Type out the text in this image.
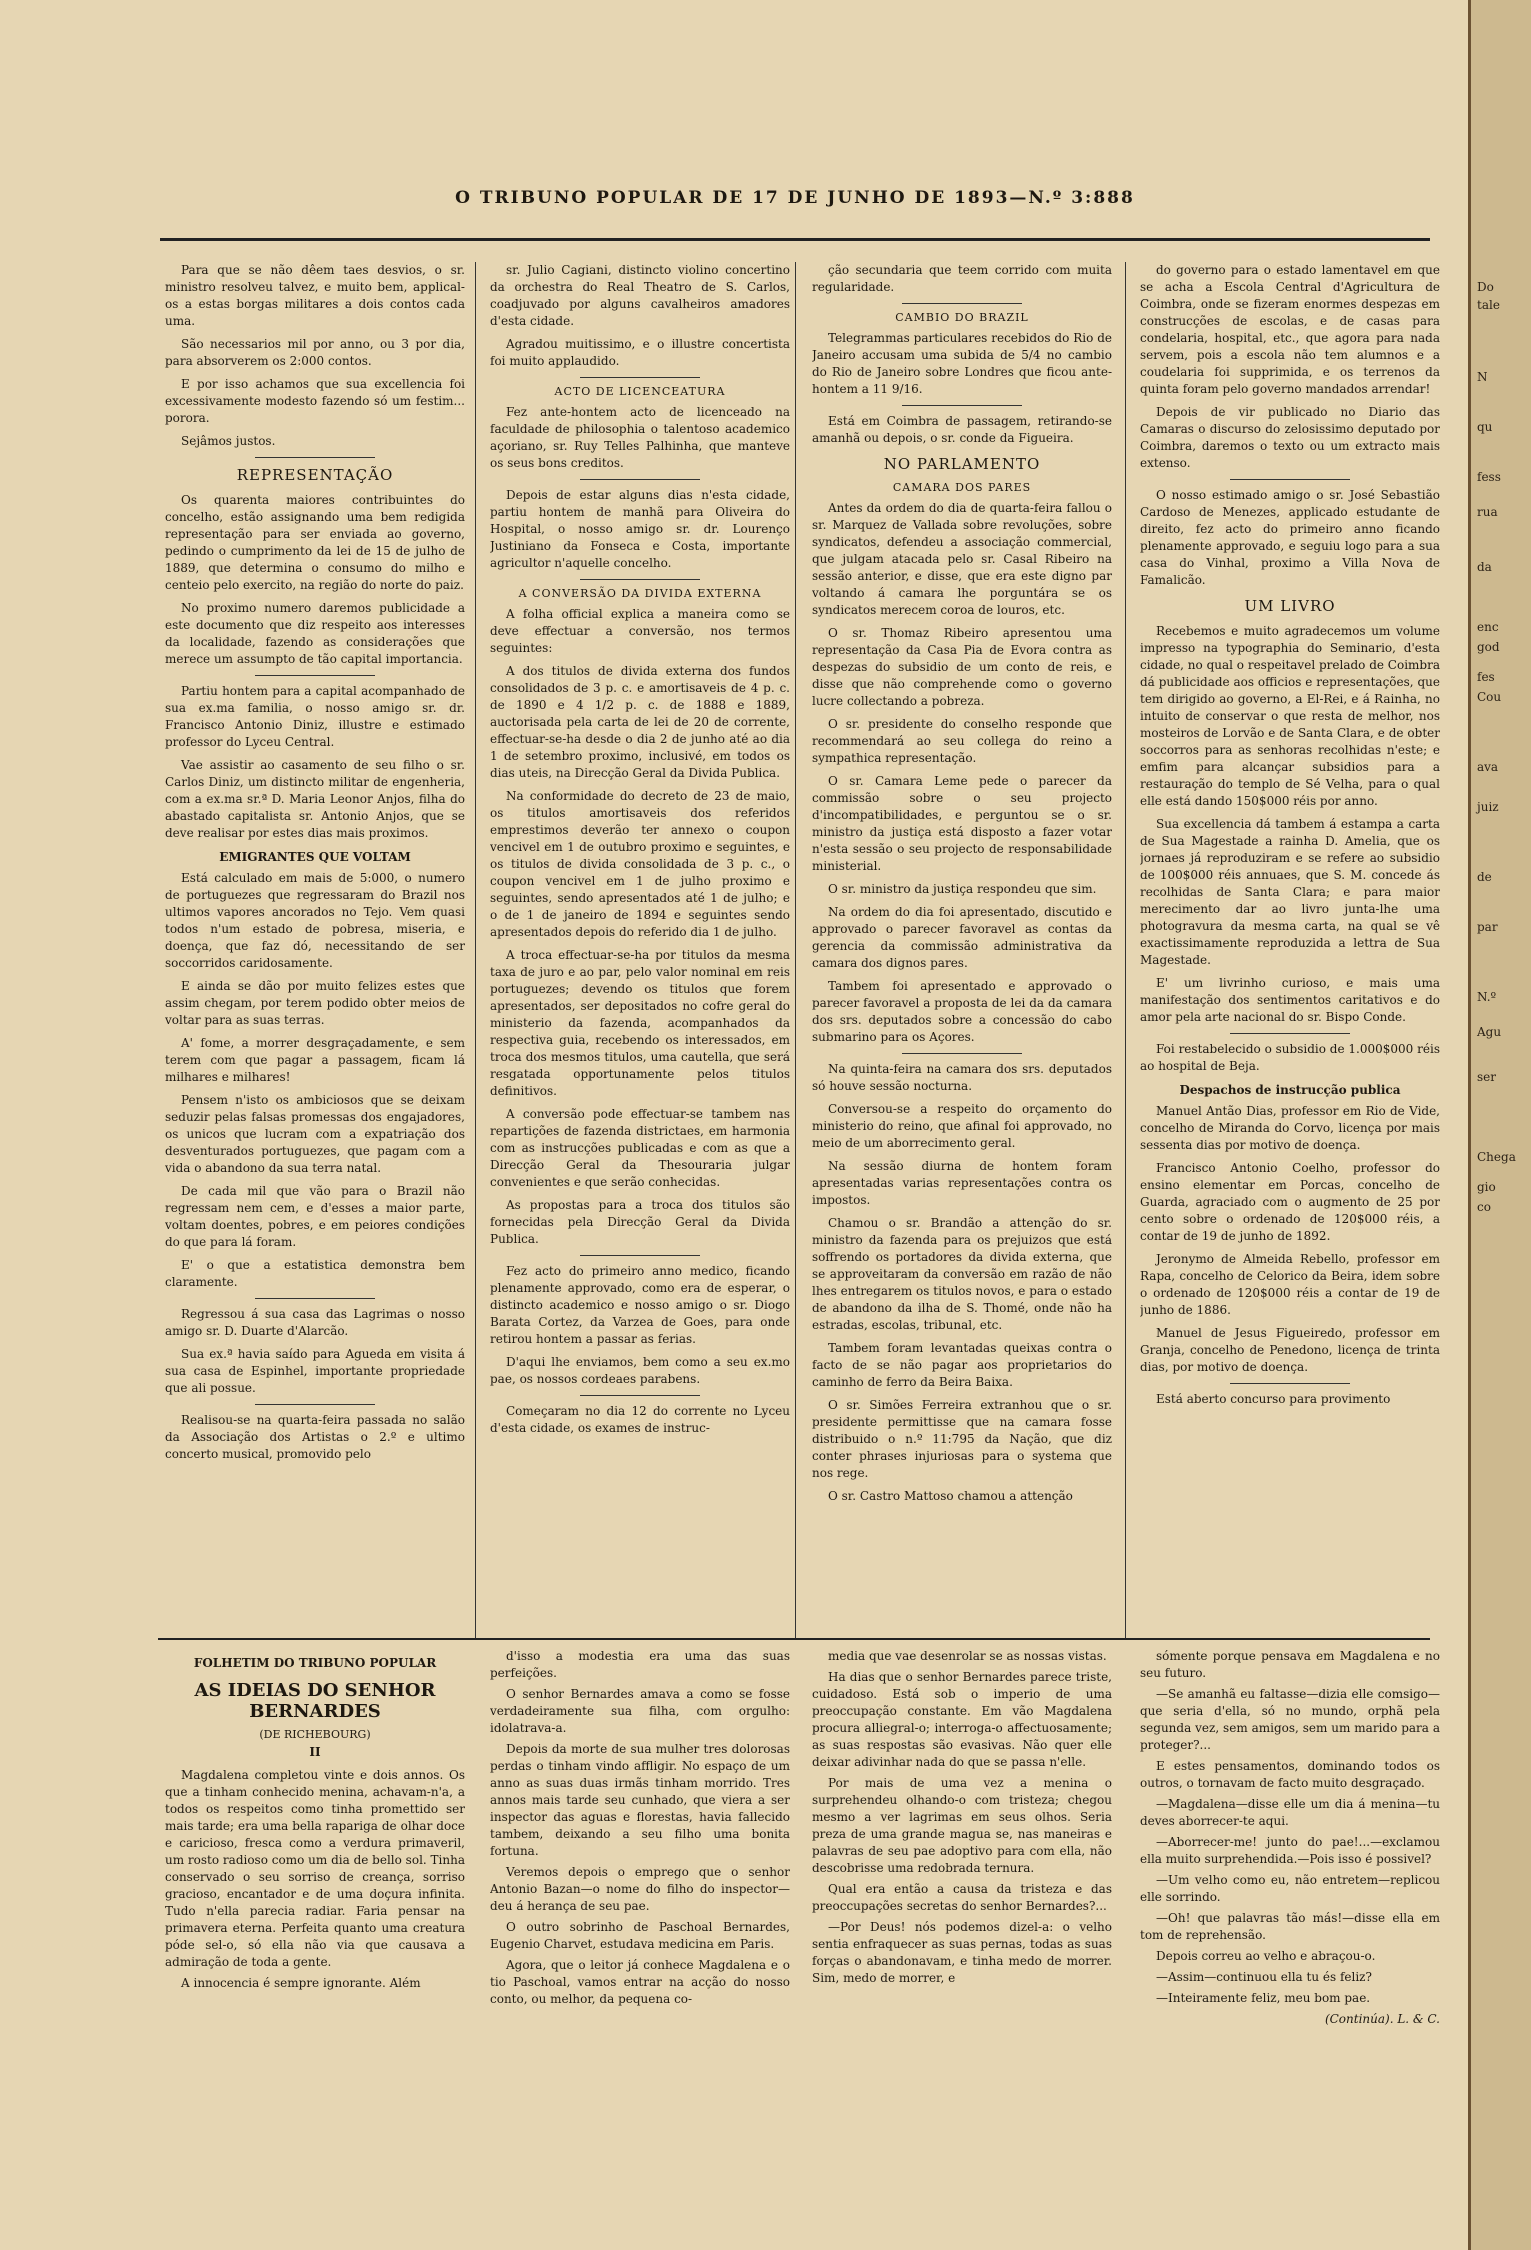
O TRIBUNO POPULAR DE 17 DE JUNHO DE 1893—N.º 3:888

Para que se não dêem taes desvios, o sr. ministro resolveu talvez, e muito bem, applical-os a estas borgas militares a dois contos cada uma.

São necessarios mil por anno, ou 3 por dia, para absorverem os 2:000 contos.

E por isso achamos que sua excellencia foi excessivamente modesto fazendo só um festim... porora.

Sejâmos justos.

REPRESENTAÇÃO

Os quarenta maiores contribuintes do concelho, estão assignando uma bem redigida representação para ser enviada ao governo, pedindo o cumprimento da lei de 15 de julho de 1889, que determina o consumo do milho e centeio pelo exercito, na região do norte do paiz.

No proximo numero daremos publicidade a este documento que diz respeito aos interesses da localidade, fazendo as considerações que merece um assumpto de tão capital importancia.

Partiu hontem para a capital acompanhado de sua ex.ma familia, o nosso amigo sr. dr. Francisco Antonio Diniz, illustre e estimado professor do Lyceu Central.

Vae assistir ao casamento de seu filho o sr. Carlos Diniz, um distincto militar de engenheria, com a ex.ma sr.ª D. Maria Leonor Anjos, filha do abastado capitalista sr. Antonio Anjos, que se deve realisar por estes dias mais proximos.

EMIGRANTES QUE VOLTAM

Está calculado em mais de 5:000, o numero de portuguezes que regressaram do Brazil nos ultimos vapores ancorados no Tejo. Vem quasi todos n'um estado de pobresa, miseria, e doença, que faz dó, necessitando de ser soccorridos caridosamente.

E ainda se dão por muito felizes estes que assim chegam, por terem podido obter meios de voltar para as suas terras.

A' fome, a morrer desgraçadamente, e sem terem com que pagar a passagem, ficam lá milhares e milhares!

Pensem n'isto os ambiciosos que se deixam seduzir pelas falsas promessas dos engajadores, os unicos que lucram com a expatriação dos desventurados portuguezes, que pagam com a vida o abandono da sua terra natal.

De cada mil que vão para o Brazil não regressam nem cem, e d'esses a maior parte, voltam doentes, pobres, e em peiores condições do que para lá foram.

E' o que a estatistica demonstra bem claramente.

Regressou á sua casa das Lagrimas o nosso amigo sr. D. Duarte d'Alarcão.

Sua ex.ª havia saído para Agueda em visita á sua casa de Espinhel, importante propriedade que ali possue.

Realisou-se na quarta-feira passada no salão da Associação dos Artistas o 2.º e ultimo concerto musical, promovido pelo

sr. Julio Cagiani, distincto violino concertino da orchestra do Real Theatro de S. Carlos, coadjuvado por alguns cavalheiros amadores d'esta cidade.

Agradou muitissimo, e o illustre concertista foi muito applaudido.

ACTO DE LICENCEATURA

Fez ante-hontem acto de licenceado na faculdade de philosophia o talentoso academico açoriano, sr. Ruy Telles Palhinha, que manteve os seus bons creditos.

Depois de estar alguns dias n'esta cidade, partiu hontem de manhã para Oliveira do Hospital, o nosso amigo sr. dr. Lourenço Justiniano da Fonseca e Costa, importante agricultor n'aquelle concelho.

A CONVERSÃO DA DIVIDA EXTERNA

A folha official explica a maneira como se deve effectuar a conversão, nos termos seguintes:

A dos titulos de divida externa dos fundos consolidados de 3 p. c. e amortisaveis de 4 p. c. de 1890 e 4 1/2 p. c. de 1888 e 1889, auctorisada pela carta de lei de 20 de corrente, effectuar-se-ha desde o dia 2 de junho até ao dia 1 de setembro proximo, inclusivé, em todos os dias uteis, na Direcção Geral da Divida Publica.

Na conformidade do decreto de 23 de maio, os titulos amortisaveis dos referidos emprestimos deverão ter annexo o coupon vencivel em 1 de outubro proximo e seguintes, e os titulos de divida consolidada de 3 p. c., o coupon vencivel em 1 de julho proximo e seguintes, sendo apresentados até 1 de julho; e o de 1 de janeiro de 1894 e seguintes sendo apresentados depois do referido dia 1 de julho.

A troca effectuar-se-ha por titulos da mesma taxa de juro e ao par, pelo valor nominal em reis portuguezes; devendo os titulos que forem apresentados, ser depositados no cofre geral do ministerio da fazenda, acompanhados da respectiva guia, recebendo os interessados, em troca dos mesmos titulos, uma cautella, que será resgatada opportunamente pelos titulos definitivos.

A conversão pode effectuar-se tambem nas repartições de fazenda districtaes, em harmonia com as instrucções publicadas e com as que a Direcção Geral da Thesouraria julgar convenientes e que serão conhecidas.

As propostas para a troca dos titulos são fornecidas pela Direcção Geral da Divida Publica.

Fez acto do primeiro anno medico, ficando plenamente approvado, como era de esperar, o distincto academico e nosso amigo o sr. Diogo Barata Cortez, da Varzea de Goes, para onde retirou hontem a passar as ferias.

D'aqui lhe enviamos, bem como a seu ex.mo pae, os nossos cordeaes parabens.

Começaram no dia 12 do corrente no Lyceu d'esta cidade, os exames de instruc-

ção secundaria que teem corrido com muita regularidade.

CAMBIO DO BRAZIL

Telegrammas particulares recebidos do Rio de Janeiro accusam uma subida de 5/4 no cambio do Rio de Janeiro sobre Londres que ficou ante-hontem a 11 9/16.

Está em Coimbra de passagem, retirando-se amanhã ou depois, o sr. conde da Figueira.

NO PARLAMENTO
CAMARA DOS PARES

Antes da ordem do dia de quarta-feira fallou o sr. Marquez de Vallada sobre revoluções, sobre syndicatos, defendeu a associação commercial, que julgam atacada pelo sr. Casal Ribeiro na sessão anterior, e disse, que era este digno par voltando á camara lhe porguntára se os syndicatos merecem coroa de louros, etc.

O sr. Thomaz Ribeiro apresentou uma representação da Casa Pia de Evora contra as despezas do subsidio de um conto de reis, e disse que não comprehende como o governo lucre collectando a pobreza.

O sr. presidente do conselho responde que recommendará ao seu collega do reino a sympathica representação.

O sr. Camara Leme pede o parecer da commissão sobre o seu projecto d'incompatibilidades, e perguntou se o sr. ministro da justiça está disposto a fazer votar n'esta sessão o seu projecto de responsabilidade ministerial.

O sr. ministro da justiça respondeu que sim.

Na ordem do dia foi apresentado, discutido e approvado o parecer favoravel as contas da gerencia da commissão administrativa da camara dos dignos pares.

Tambem foi apresentado e approvado o parecer favoravel a proposta de lei da da camara dos srs. deputados sobre a concessão do cabo submarino para os Açores.

Na quinta-feira na camara dos srs. deputados só houve sessão nocturna.

Conversou-se a respeito do orçamento do ministerio do reino, que afinal foi approvado, no meio de um aborrecimento geral.

Na sessão diurna de hontem foram apresentadas varias representações contra os impostos.

Chamou o sr. Brandão a attenção do sr. ministro da fazenda para os prejuizos que está soffrendo os portadores da divida externa, que se approveitaram da conversão em razão de não lhes entregarem os titulos novos, e para o estado de abandono da ilha de S. Thomé, onde não ha estradas, escolas, tribunal, etc.

Tambem foram levantadas queixas contra o facto de se não pagar aos proprietarios do caminho de ferro da Beira Baixa.

O sr. Simões Ferreira extranhou que o sr. presidente permittisse que na camara fosse distribuido o n.º 11:795 da Nação, que diz conter phrases injuriosas para o systema que nos rege.

O sr. Castro Mattoso chamou a attenção

do governo para o estado lamentavel em que se acha a Escola Central d'Agricultura de Coimbra, onde se fizeram enormes despezas em construcções de escolas, e de casas para condelaria, hospital, etc., que agora para nada servem, pois a escola não tem alumnos e a coudelaria foi supprimida, e os terrenos da quinta foram pelo governo mandados arrendar!

Depois de vir publicado no Diario das Camaras o discurso do zelosissimo deputado por Coimbra, daremos o texto ou um extracto mais extenso.

O nosso estimado amigo o sr. José Sebastião Cardoso de Menezes, applicado estudante de direito, fez acto do primeiro anno ficando plenamente approvado, e seguiu logo para a sua casa do Vinhal, proximo a Villa Nova de Famalicão.

UM LIVRO

Recebemos e muito agradecemos um volume impresso na typographia do Seminario, d'esta cidade, no qual o respeitavel prelado de Coimbra dá publicidade aos officios e representações, que tem dirigido ao governo, a El-Rei, e á Rainha, no intuito de conservar o que resta de melhor, nos mosteiros de Lorvão e de Santa Clara, e de obter soccorros para as senhoras recolhidas n'este; e emfim para alcançar subsidios para a restauração do templo de Sé Velha, para o qual elle está dando 150$000 réis por anno.

Sua excellencia dá tambem á estampa a carta de Sua Magestade a rainha D. Amelia, que os jornaes já reproduziram e se refere ao subsidio de 100$000 réis annuaes, que S. M. concede ás recolhidas de Santa Clara; e para maior merecimento dar ao livro junta-lhe uma photogravura da mesma carta, na qual se vê exactissimamente reproduzida a lettra de Sua Magestade.

E' um livrinho curioso, e mais uma manifestação dos sentimentos caritativos e do amor pela arte nacional do sr. Bispo Conde.

Foi restabelecido o subsidio de 1.000$000 réis ao hospital de Beja.

Despachos de instrucção publica

Manuel Antão Dias, professor em Rio de Vide, concelho de Miranda do Corvo, licença por mais sessenta dias por motivo de doença.

Francisco Antonio Coelho, professor do ensino elementar em Porcas, concelho de Guarda, agraciado com o augmento de 25 por cento sobre o ordenado de 120$000 réis, a contar de 19 de junho de 1892.

Jeronymo de Almeida Rebello, professor em Rapa, concelho de Celorico da Beira, idem sobre o ordenado de 120$000 réis a contar de 19 de junho de 1886.

Manuel de Jesus Figueiredo, professor em Granja, concelho de Penedono, licença de trinta dias, por motivo de doença.

Está aberto concurso para provimento

FOLHETIM DO TRIBUNO POPULAR
AS IDEIAS DO SENHOR BERNARDES
(DE RICHEBOURG)
II

Magdalena completou vinte e dois annos. Os que a tinham conhecido menina, achavam-n'a, a todos os respeitos como tinha promettido ser mais tarde; era uma bella rapariga de olhar doce e caricioso, fresca como a verdura primaveril, um rosto radioso como um dia de bello sol. Tinha conservado o seu sorriso de creança, sorriso gracioso, encantador e de uma doçura infinita. Tudo n'ella parecia radiar. Faria pensar na primavera eterna. Perfeita quanto uma creatura póde sel-o, só ella não via que causava a admiração de toda a gente.

A innocencia é sempre ignorante. Além

d'isso a modestia era uma das suas perfeições.

O senhor Bernardes amava a como se fosse verdadeiramente sua filha, com orgulho: idolatrava-a.

Depois da morte de sua mulher tres dolorosas perdas o tinham vindo affligir. No espaço de um anno as suas duas irmãs tinham morrido. Tres annos mais tarde seu cunhado, que viera a ser inspector das aguas e florestas, havia fallecido tambem, deixando a seu filho uma bonita fortuna.

Veremos depois o emprego que o senhor Antonio Bazan—o nome do filho do inspector—deu á herança de seu pae.

O outro sobrinho de Paschoal Bernardes, Eugenio Charvet, estudava medicina em Paris.

Agora, que o leitor já conhece Magdalena e o tio Paschoal, vamos entrar na acção do nosso conto, ou melhor, da pequena co-

media que vae desenrolar se as nossas vistas.

Ha dias que o senhor Bernardes parece triste, cuidadoso. Está sob o imperio de uma preoccupação constante. Em vão Magdalena procura alliegral-o; interroga-o affectuosamente; as suas respostas são evasivas. Não quer elle deixar adivinhar nada do que se passa n'elle.

Por mais de uma vez a menina o surprehendeu olhando-o com tristeza; chegou mesmo a ver lagrimas em seus olhos. Seria preza de uma grande magua se, nas maneiras e palavras de seu pae adoptivo para com ella, não descobrisse uma redobrada ternura.

Qual era então a causa da tristeza e das preoccupações secretas do senhor Bernardes?...

—Por Deus! nós podemos dizel-a: o velho sentia enfraquecer as suas pernas, todas as suas forças o abandonavam, e tinha medo de morrer. Sim, medo de morrer, e

sómente porque pensava em Magdalena e no seu futuro.

—Se amanhã eu faltasse—dizia elle comsigo—que seria d'ella, só no mundo, orphã pela segunda vez, sem amigos, sem um marido para a proteger?...

E estes pensamentos, dominando todos os outros, o tornavam de facto muito desgraçado.

—Magdalena—disse elle um dia á menina—tu deves aborrecer-te aqui.

—Aborrecer-me! junto do pae!...—exclamou ella muito surprehendida.—Pois isso é possivel?

—Um velho como eu, não entretem—replicou elle sorrindo.

—Oh! que palavras tão más!—disse ella em tom de reprehensão.

Depois correu ao velho e abraçou-o.

—Assim—continuou ella tu és feliz?

—Inteiramente feliz, meu bom pae.

(Continúa). L. & C.
Do
tale
N
qu
fess
rua
da
enc
god
fes
Cou
ava
juiz
de
par
N.º
Agu
ser
Chega
gio
co
